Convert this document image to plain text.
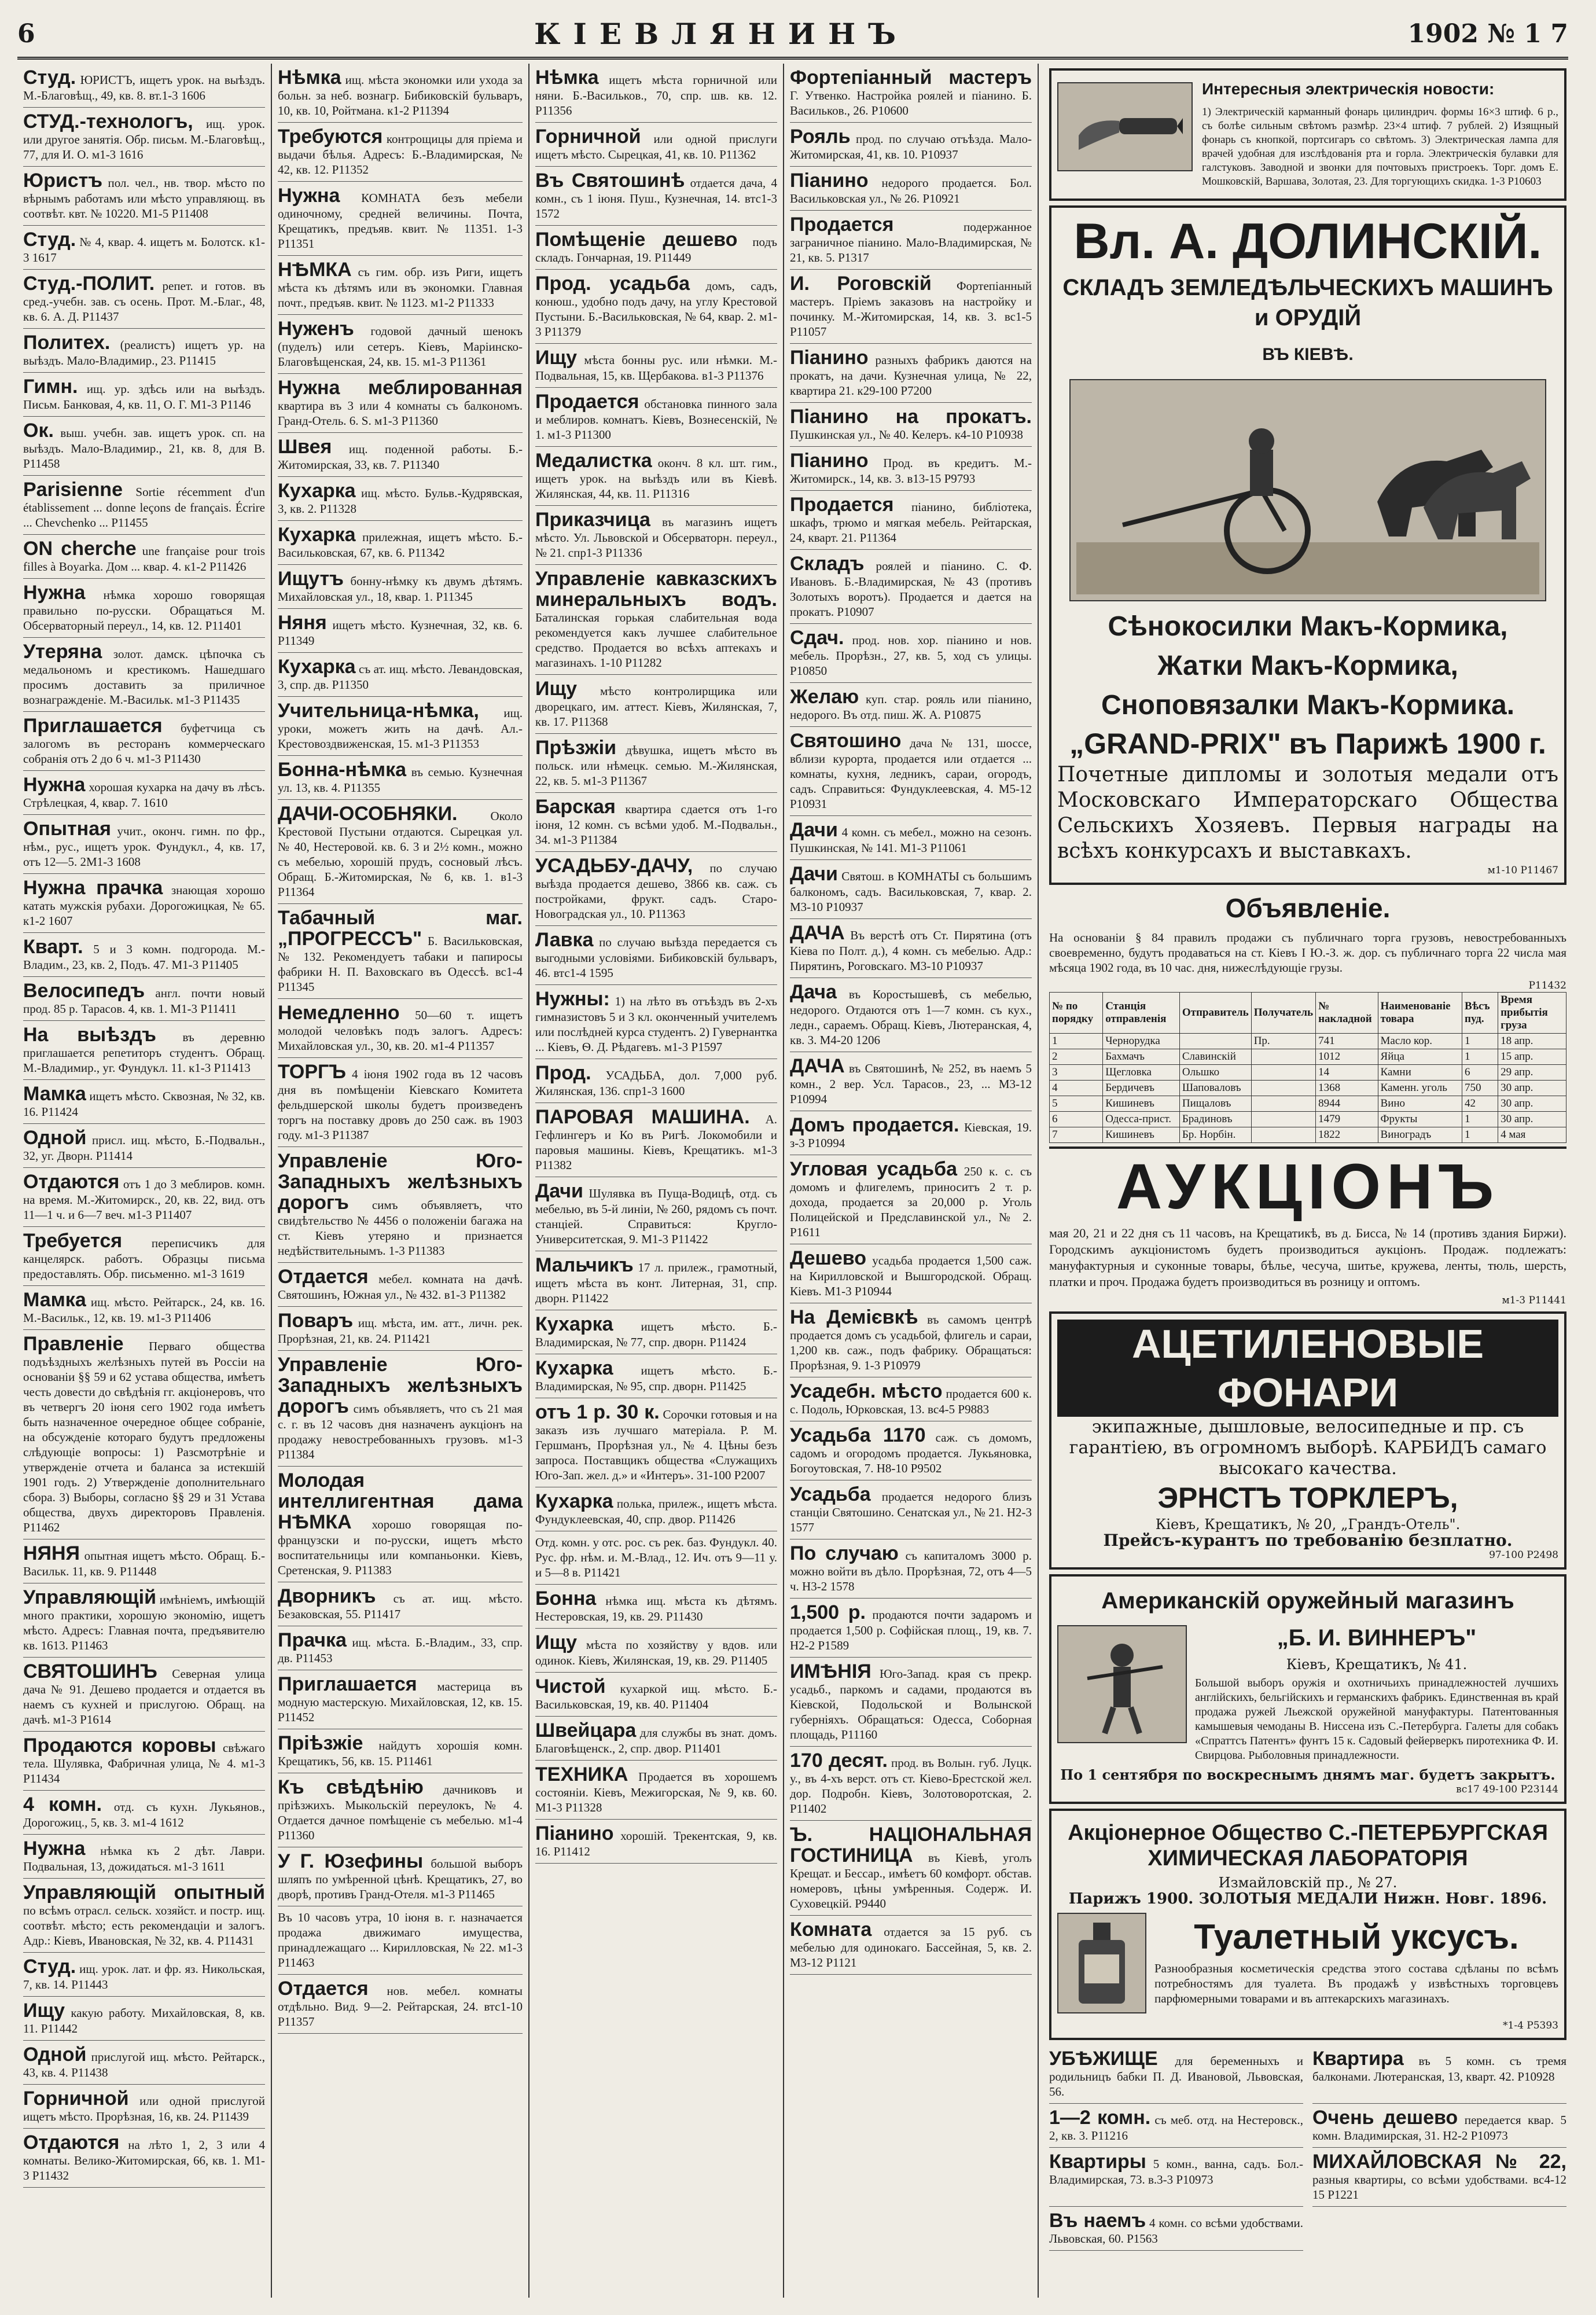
6	КІЕВЛЯНИНЪ	1902 № 1 7
Студ. ЮРИСТЪ, ищетъ урок. на выѣздъ. М.-Благовѣщ., 49, кв. 8. вт.1-3 1606
СТУД.-технологъ, ищ. урок. или другое занятія. Обр. письм. М.-Благовѣщ., 77, для И. О. м1-3 1616
Юристъ пол. чел., нв. твор. мѣсто по вѣрнымъ работамъ или мѣсто управляющ. въ соотвѣт. квт. № 10220. М1-5 Р11408
Студ. № 4, квар. 4. ищетъ м. Болотск. к1-3 1617
Студ.-ПОЛИТ. репет. и готов. въ сред.-учебн. зав. съ осень. Прот. М.-Благ., 48, кв. 6. А. Д. Р11437
Политех. (реалистъ) ищетъ ур. на выѣздъ. Мало-Владимир., 23. Р11415
Гимн. ищ. ур. здѣсь или на выѣздъ. Письм. Банковая, 4, кв. 11, О. Г. М1-3 Р1146
Ок. выш. учебн. зав. ищетъ урок. сп. на выѣздъ. Мало-Владимир., 21, кв. 8, для В. Р11458
Parisienne Sortie récemment d'un établissement ... donne leçons de français. Écrire ... Chevchenko ... Р11455
ON cherche une française pour trois filles à Boyarka. Дом ... квар. 4. к1-2 Р11426
Нужна нѣмка хорошо говорящая правильно по-русски. Обращаться М. Обсерваторный переул., 14, кв. 12. Р11401
Утеряна золот. дамск. цѣпочка съ медальономъ и крестикомъ. Нашедшаго просимъ доставить за приличное вознагражденіе. М.-Васильк. м1-3 Р11435
Приглашается буфетчица съ залогомъ въ ресторанъ коммерческаго собранія отъ 2 до 6 ч. м1-3 Р11430
Нужна хорошая кухарка на дачу въ лѣсъ. Стрѣлецкая, 4, квар. 7. 1610
Опытная учит., оконч. гимн. по фр., нѣм., рус., ищетъ урок. Фундукл., 4, кв. 17, отъ 12—5. 2М1-3 1608
Нужна прачка знающая хорошо катать мужскія рубахи. Дорогожицкая, № 65. к1-2 1607
Кварт. 5 и 3 комн. подгорода. М.-Владим., 23, кв. 2, Подъ. 47. М1-3 Р11405
Велосипедъ англ. почти новый прод. 85 р. Тарасов. 4, кв. 1. М1-3 Р11411
На выѣздъ въ деревню приглашается репетиторъ студентъ. Обращ. М.-Владимир., уг. Фундукл. 11. к1-3 Р11413
Мамка ищетъ мѣсто. Сквозная, № 32, кв. 16. Р11424
Одной присл. ищ. мѣсто, Б.-Подвальн., 32, уг. Дворн. Р11414
Отдаются отъ 1 до 3 меблиров. комн. на время. М.-Житомирск., 20, кв. 22, вид. отъ 11—1 ч. и 6—7 веч. м1-3 Р11407
Требуется переписчикъ для канцелярск. работъ. Образцы письма предоставлять. Обр. письменно. м1-3 1619
Мамка ищ. мѣсто. Рейтарск., 24, кв. 16. М.-Васильк., 12, кв. 19. м1-3 Р11406
Правленіе Перваго общества подъѣздныхъ желѣзныхъ путей въ Россіи на основаніи §§ 59 и 62 устава общества, имѣетъ честь довести до свѣдѣнія гг. акціонеровъ, что въ четвергъ 20 іюня сего 1902 года имѣетъ быть назначенное очередное общее собраніе, на обсужденіе котораго будутъ предложены слѣдующіе вопросы: 1) Разсмотрѣніе и утвержденіе отчета и баланса за истекшій 1901 годъ. 2) Утвержденіе дополнительнаго сбора. 3) Выборы, согласно §§ 29 и 31 Устава общества, двухъ директоровъ Правленія. Р11462
НЯНЯ опытная ищетъ мѣсто. Обращ. Б.-Васильк. 11, кв. 9. Р11448
Управляющій имѣніемъ, имѣющій много практики, хорошую экономію, ищетъ мѣсто. Адресъ: Главная почта, предъявителю кв. 1613. Р11463
СВЯТОШИНЪ Северная улица дача № 91. Дешево продается и отдается въ наемъ съ кухней и прислугою. Обращ. на дачѣ. м1-3 Р1614
Продаются коровы свѣжаго тела. Шулявка, Фабричная улица, № 4. м1-3 Р11434
4 комн. отд. съ кухн. Лукьянов., Дорогожиц., 5, кв. 3. м1-4 1612
Нужна нѣмка къ 2 дѣт. Лаври. Подвальная, 13, дожидаться. м1-3 1611
Управляющій опытный по всѣмъ отрасл. сельск. хозяйст. и постр. ищ. соотвѣт. мѣсто; есть рекомендаціи и залогъ. Адр.: Кіевъ, Ивановская, № 32, кв. 4. Р11431
Студ. ищ. урок. лат. и фр. яз. Никольская, 7, кв. 14. Р11443
Ищу какую работу. Михайловская, 8, кв. 11. Р11442
Одной прислугой ищ. мѣсто. Рейтарск., 43, кв. 4. Р11438
Горничной или одной прислугой ищетъ мѣсто. Прорѣзная, 16, кв. 24. Р11439
Отдаются на лѣто 1, 2, 3 или 4 комнаты. Велико-Житомирская, 66, кв. 1. М1-3 Р11432
Нѣмка ищ. мѣста экономки или ухода за больн. за неб. вознагр. Бибиковскій бульваръ, 10, кв. 10, Ройтмана. к1-2 Р11394
Требуются контрощицы для пріема и выдачи бѣлья. Адресъ: Б.-Владимирская, № 42, кв. 12. Р11352
Нужна КОМНАТА безъ мебели одиночному, средней величины. Почта, Крещатикъ, предъяв. квит. № 11351. 1-3 Р11351
НѢМКА съ гим. обр. изъ Риги, ищетъ мѣста къ дѣтямъ или въ экономки. Главная почт., предъяв. квит. № 1123. м1-2 Р11333
Нуженъ годовой дачный шенокъ (пуделъ) или сетеръ. Кіевъ, Маріинско-Благовѣщенская, 24, кв. 15. м1-3 Р11361
Нужна меблированная квартира въ 3 или 4 комнаты съ балкономъ. Гранд-Отель. 6. S. м1-3 Р11360
Швея ищ. поденной работы. Б.-Житомирская, 33, кв. 7. Р11340
Кухарка ищ. мѣсто. Бульв.-Кудрявская, 3, кв. 2. Р11328
Кухарка прилежная, ищетъ мѣсто. Б.-Васильковская, 67, кв. 6. Р11342
Ищутъ бонну-нѣмку къ двумъ дѣтямъ. Михайловская ул., 18, квар. 1. Р11345
Няня ищетъ мѣсто. Кузнечная, 32, кв. 6. Р11349
Кухарка съ ат. ищ. мѣсто. Левандовская, 3, спр. дв. Р11350
Учительница-нѣмка, ищ. уроки, можетъ жить на дачѣ. Ал.-Крестовоздвиженская, 15. м1-3 Р11353
Бонна-нѣмка въ семью. Кузнечная ул. 13, кв. 4. Р11355
ДАЧИ-ОСОБНЯКИ.	Около Крестовой Пустыни отдаются. Сырецкая ул. № 40, Нестеровой. кв. 6. 3 и 2½ комн., можно съ мебелью, хорошій прудъ, сосновый лѣсъ. Обращ. Б.-Житомирская, № 6, кв. 1. в1-3 Р11364
Табачный маг. „ПРОГРЕССЪ" Б. Васильковская, № 132. Рекомендуетъ табаки и папиросы фабрики Н. П. Ваховскаго въ Одессѣ. вс1-4 Р11345
Немедленно 50—60 т. ищетъ молодой человѣкъ подъ залогъ. Адресъ: Михайловская ул., 30, кв. 20. м1-4 Р11357
ТОРГЪ 4 іюня 1902 года въ 12 часовъ дня въ помѣщеніи Кіевскаго Комитета фельдшерской школы будетъ произведенъ торгъ на поставку дровъ до 250 саж. въ 1903 году. м1-3 Р11387
Управленіе Юго-Западныхъ желѣзныхъ дорогъ симъ объявляетъ, что свидѣтельство № 4456 о положеніи багажа на ст. Кіевъ утеряно и признается недѣйствительнымъ. 1-3 Р11383
Отдается мебел. комната на дачѣ. Святошинъ, Южная ул., № 432. в1-3 Р11382
Поваръ ищ. мѣста, им. атт., личн. рек. Прорѣзная, 21, кв. 24. Р11421
Управленіе Юго-Западныхъ желѣзныхъ дорогъ симъ объявляетъ, что съ 21 мая с. г. въ 12 часовъ дня назначенъ аукціонъ на продажу невостребованныхъ грузовъ. м1-3 Р11384
Молодая интеллигентная дама НѢМКА хорошо говорящая по-французски и по-русски, ищетъ мѣсто воспитательницы или компаньонки. Кіевъ, Сретенская, 9. Р11383
Дворникъ съ ат. ищ. мѣсто. Безаковская, 55. Р11417
Прачка ищ. мѣста. Б.-Владим., 33, спр. дв. Р11453
Приглашается мастерица въ модную мастерскую. Михайловская, 12, кв. 15. Р11452
Пріѣзжіе найдутъ хорошія комн. Крещатикъ, 56, кв. 15. Р11461
Къ свѣдѣнію дачниковъ и пріѣзжихъ. Мыкольскій переулокъ, № 4. Отдается дачное помѣщеніе съ мебелью. м1-4 Р11360
У Г. Юзефины большой выборъ шляпъ по умѣренной цѣнѣ. Крещатикъ, 27, во дворѣ, противъ Гранд-Отеля. м1-3 Р11465
Въ 10 часовъ утра, 10 іюня в. г. назначается продажа движимаго имущества, принадлежащаго ... Кирилловская, № 22. м1-3 Р11463
Отдается нов. мебел. комнаты отдѣльно. Вид. 9—2. Рейтарская, 24. втс1-10 Р11357
Нѣмка ищетъ мѣста горничной или няни. Б.-Васильков., 70, спр. шв. кв. 12. Р11356
Горничной или одной прислуги ищетъ мѣсто. Сырецкая, 41, кв. 10. Р11362
Въ Святошинѣ отдается дача, 4 комн., съ 1 іюня. Пуш., Кузнечная, 14. втс1-3 1572
Помѣщеніе дешево подъ складъ. Гончарная, 19. Р11449
Прод. усадьба домъ, садъ, конюш., удобно подъ дачу, на углу Крестовой Пустыни. Б.-Васильковская, № 64, квар. 2. м1-3 Р11379
Ищу мѣста бонны рус. или нѣмки. М.-Подвальная, 15, кв. Щербакова. в1-3 Р11376
Продается обстановка пинного зала и меблиров. комнатъ. Кіевъ, Вознесенскій, № 1. м1-3 Р11300
Медалистка оконч. 8 кл. шт. гим., ищетъ урок. на выѣздъ или въ Кіевѣ. Жилянская, 44, кв. 11. Р11316
Приказчица въ магазинъ ищетъ мѣсто. Ул. Львовской и Обсерваторн. переул., № 21. спр1-3 Р11336
Управленіе кавказскихъ минеральныхъ водъ. Баталинская горькая слабительная вода рекомендуется какъ лучшее слабительное средство. Продается во всѣхъ аптекахъ и магазинахъ. 1-10 Р11282
Ищу мѣсто контролирщика или дворецкаго, им. аттест. Кіевъ, Жилянская, 7, кв. 17. Р11368
Прѣзжіи дѣвушка, ищетъ мѣсто въ польск. или нѣмецк. семью. М.-Жилянская, 22, кв. 5. м1-3 Р11367
Барская квартира сдается отъ 1-го іюня, 12 комн. съ всѣми удоб. М.-Подвальн., 34. м1-3 Р11384
УСАДЬБУ-ДАЧУ, по случаю выѣзда продается дешево, 3866 кв. саж. съ постройками, фрукт. садъ. Старо-Новоградская ул., 10. Р11363
Лавка по случаю выѣзда передается съ выгодными условіями. Бибиковскій бульваръ, 46. втс1-4 1595
Нужны: 1) на лѣто въ отъѣздъ въ 2-хъ гимназистовъ 5 и 3 кл. оконченный учителемъ или послѣдней курса студентъ. 2) Гувернантка ... Кіевъ, Ѳ. Д. Рѣдагевъ. м1-3 Р1597
Прод. УСАДЬБА, дол. 7,000 руб. Жилянская, 136. спр1-3 1600
ПАРОВАЯ МАШИНА. А. Гефлингеръ и Ко въ Ригѣ. Локомобили и паровыя машины. Кіевъ, Крещатикъ. м1-3 Р11382
Дачи Шулявка въ Пуща-Водицѣ, отд. съ мебелью, въ 5-й линіи, № 260, рядомъ съ почт. станціей. Справиться: Кругло-Университетская, 9. М1-3 Р11422
Мальчикъ 17 л. прилеж., грамотный, ищетъ мѣста въ конт. Литерная, 31, спр. дворн. Р11422
Кухарка ищетъ мѣсто. Б.-Владимирская, № 77, спр. дворн. Р11424
Кухарка ищетъ мѣсто. Б.-Владимирская, № 95, спр. дворн. Р11425
отъ 1 р. 30 к. Сорочки готовыя и на заказъ изъ лучшаго матеріала. Р. М. Гершманъ, Прорѣзная ул., № 4. Цѣны безъ запроса. Поставщикъ общества «Служащихъ Юго-Зап. жел. д.» и «Интеръ». 31-100 Р2007
Кухарка полька, прилеж., ищетъ мѣста. Фундуклеевская, 40, спр. двор. Р11426
Отд. комн. у отс. рос. съ рек. баз. Фундукл. 40. Рус. фр. нѣм. и. М.-Влад., 12. Ич. отъ 9—11 у. и 5—8 в. Р11421
Бонна нѣмка ищ. мѣста къ дѣтямъ. Нестеровская, 19, кв. 29. Р11430
Ищу мѣста по хозяйству у вдов. или одинок. Кіевъ, Жилянская, 19, кв. 29. Р11405
Чистой кухаркой ищ. мѣсто. Б.-Васильковская, 19, кв. 40. Р11404
Швейцара для службы въ знат. домъ. Благовѣщенск., 2, спр. двор. Р11401
ТЕХНИКА Продается въ хорошемъ состояніи. Кіевъ, Межигорская, № 9, кв. 60. М1-3 Р11328
Пiанино хорошій. Трекентская, 9, кв. 16. Р11412
Фортепіанный мастеръ Г. Утвенко. Настройка роялей и пiанино. Б. Васильков., 26. Р10600
Рояль прод. по случаю отъѣзда. Мало-Житомирская, 41, кв. 10. Р10937
Пiанино недорого продается. Бол. Васильковская ул., № 26. Р10921
Продается	подержанное заграничное пiанино. Мало-Владимирская, № 21, кв. 5. Р1317
И. Роговскій Фортепіанный мастеръ. Пріемъ заказовъ на настройку и починку. М.-Житомирская, 14, кв. 3. вс1-5 Р11057
Пiанино разныхъ фабрикъ даются на прокатъ, на дачи. Кузнечная улица, № 22, квартира 21. к29-100 Р7200
Пiанино на прокатъ. Пушкинская ул., № 40. Келеръ. к4-10 Р10938
Пiанино Прод. въ кредитъ. М.-Житомирск., 14, кв. 3. в13-15 Р9793
Продается пiанино, библіотека, шкафъ, трюмо и мягкая мебель. Рейтарская, 24, кварт. 21. Р11364
Складъ роялей и пiанино. С. Ф. Ивановъ. Б.-Владимирская, № 43 (противъ Золотыхъ воротъ). Продается и дается на прокатъ. Р10907
Сдач. прод. нов. хор. пiанино и нов. мебель. Прорѣзн., 27, кв. 5, ход съ улицы. Р10850
Желаю куп. стар. рояль или пiанино, недорого. Въ отд. пиш. Ж. А. Р10875
Святошино дача № 131, шоссе, вблизи курорта, продается или отдается ... комнаты, кухня, ледникъ, сараи, огородъ, садъ. Справиться: Фундуклеевская, 4. М5-12 Р10931
Дачи 4 комн. съ мебел., можно на сезонъ. Пушкинская, № 141. М1-3 Р11061
Дачи Святош. в КОМНАТЫ съ большимъ балкономъ, садъ. Васильковская, 7, квар. 2. М3-10 Р10937
ДАЧА Въ верстѣ отъ Ст. Пирятина (отъ Кіева по Полт. д.), 4 комн. съ мебелью. Адр.: Пирятинъ, Роговскаго. М3-10 Р10937
Дача въ Коростышевѣ, съ мебелью, недорого. Отдаются отъ 1—7 комн. съ кух., ледн., сараемъ. Обращ. Кіевъ, Лютеранская, 4, кв. 3. М4-20 1206
ДАЧА въ Святошинѣ, № 252, въ наемъ 5 комн., 2 вер. Усл. Тарасов., 23, ... М3-12 Р10994
Домъ продается. Кіевская, 19. з-3 Р10994
Угловая усадьба 250 к. с. съ домомъ и флигелемъ, приноситъ 2 т. р. дохода, продается за 20,000 р. Уголь Полицейской и Предславинской ул., № 2. Р1611
Дешево усадьба продается 1,500 саж. на Кирилловской и Вышгородской. Обращ. Кіевъ. М1-3 Р10944
На Демієвкѣ въ самомъ центрѣ продается домъ съ усадьбой, флигель и сараи, 1,200 кв. саж., подъ фабрику. Обращаться: Прорѣзная, 9. 1-3 Р10979
Усадебн. мѣсто продается 600 к. с. Подоль, Юрковская, 13. вс4-5 Р9883
Усадьба 1170 саж. съ домомъ, садомъ и огородомъ продается. Лукьяновка, Богоутовская, 7. Н8-10 Р9502
Усадьба продается недорого близъ станціи Святошино. Сенатская ул., № 21. Н2-3 1577
По случаю съ капиталомъ 3000 р. можно войти въ дѣло. Прорѣзная, 72, отъ 4—5 ч. Н3-2 1578
1,500 р. продаются почти задаромъ и продается 1,500 р. Софійская площ., 19, кв. 7. Н2-2 Р1589
ИМѢНІЯ Юго-Запад. края съ прекр. усадьб., паркомъ и садами, продаются въ Кіевской, Подольской и Волынской губерніяхъ. Обращаться: Одесса, Соборная площадь, Р11160
170 десят. прод. въ Волын. губ. Луцк. у., въ 4-хъ верст. отъ ст. Кіево-Брестской жел. дор. Подробн. Кіевъ, Золотоворотская, 2. Р11402
Ъ. НАЦІОНАЛЬНАЯ ГОСТИНИЦА въ Кіевѣ, уголъ Крещат. и Бессар., имѣетъ 60 комфорт. обстав. номеровъ, цѣны умѣренныя. Содерж. И. Суховецкій. Р9440
Комната отдается за 15 руб. съ мебелью для одинокаго. Бассейная, 5, кв. 2. М3-12 Р1121
Интересныя электрическія новости:
1) Электрическій карманный фонарь цилиндрич. формы 16×3 штиф. 6 р., съ болѣе сильным свѣтомъ размѣр. 23×4 штиф. 7 рублей. 2) Изящный фонарь съ кнопкой, портсигаръ со свѣтомъ. 3) Электрическая лампа для врачей удобная для изслѣдованія рта и горла. Электрическія булавки для галстуковъ. Заводной и звонки для почтовыхъ пристроекъ. Торг. домъ Е. Мошковскій, Варшава, Золотая, 23. Для торгующихъ скидка. 1-3 Р10603
Вл. А. ДОЛИНСКІЙ.
СКЛАДЪ ЗЕМЛЕДѢЛЬЧЕСКИХЪ МАШИНЪ и ОРУДІЙ
ВЪ КІЕВѢ.
Сѣнокосилки Макъ-Кормика,
Жатки Макъ-Кормика,
Сноповязалки Макъ-Кормика.
„GRAND-PRIX" въ Парижѣ 1900 г.
Почетные дипломы и золотыя медали отъ Московскаго Императорскаго Общества Сельскихъ Хозяевъ. Первыя награды на всѣхъ конкурсахъ и выставкахъ.
м1-10 Р11467
Объявленіе.
На основаніи § 84 правилъ продажи съ публичнаго торга грузовъ, невостребованныхъ своевременно, будутъ продаваться на ст. Кіевъ I Ю.-З. ж. дор. съ публичнаго торга 22 числа мая мѣсяца 1902 года, въ 10 час. дня, нижеслѣдующіе грузы.
Р11432
№ по порядку	Станція отправленія	Отправитель	Получатель	№ накладной	Наименованіе товара	Вѣсъ пуд.	Время прибытія груза
1	Чернорудка		Пр.	741	Масло кор.	1	18 апр.
2	Бахмачъ	Славинскій		1012	Яйца	1	15 апр.
3	Щегловка	Ольшко		14	Камни	6	29 апр.
4	Бердичевъ	Шаповаловъ		1368	Каменн. уголь	750	30 апр.
5	Кишиневъ	Пищаловъ		8944	Вино	42	30 апр.
6	Одесса-прист.	Брадиновъ		1479	Фрукты	1	30 апр.
7	Кишиневъ	Бр. Норбін.		1822	Виноградъ	1	4 мая
АУКЦІОНЪ
мая 20, 21 и 22 дня съ 11 часовъ, на Крещатикѣ, въ д. Бисса, № 14 (противъ здания Биржи). Городскимъ аукціонистомъ будетъ производиться аукціонъ. Продаж. подлежатъ: мануфактурныя и суконные товары, бѣлье, чесуча, шитье, кружева, ленты, тюль, шерсть, платки и проч. Продажа будетъ производиться въ розницу и оптомъ.
м1-3 Р11441
АЦЕТИЛЕНОВЫЕ ФОНАРИ
экипажные, дышловые, велосипедные и пр. съ гарантіею, въ огромномъ выборѣ. КАРБИДЪ самаго высокаго качества.
ЭРНСТЪ ТОРКЛЕРЪ,
Кіевъ, Крещатикъ, № 20, „Грандъ-Отель".
Прейсъ-курантъ по требованію безплатно.
97-100 Р2498
Американскій оружейный магазинъ
„Б. И. ВИННЕРЪ"
Кіевъ, Крещатикъ, № 41.
Большой выборъ оружія и охотничьихъ принадлежностей лучшихъ англійскихъ, бельгійскихъ и германскихъ фабрикъ. Единственная въ край продажа ружей Льежской оружейной мануфактуры. Патентованныя камышевыя чемоданы В. Ниссена изъ С.-Петербурга. Галеты для собакъ «Спраттсъ Патентъ» фунтъ 15 к. Садовый фейерверкъ пиротехника Ф. И. Свирцова. Рыболовныя принадлежности.
По 1 сентября по воскреснымъ днямъ маг. будетъ закрытъ.
вс17 49-100 Р23144
Акціонерное Общество С.-ПЕТЕРБУРГСКАЯ ХИМИЧЕСКАЯ ЛАБОРАТОРІЯ
Измайловскій пр., № 27.
Парижъ 1900. ЗОЛОТЫЯ МЕДАЛИ Нижн. Новг. 1896.
Туалетный уксусъ.
Разнообразныя косметическія средства этого состава сдѣланы по всѣмъ потребностямъ для туалета. Въ продажѣ у извѣстныхъ торговцевъ парфюмерными товарами и въ аптекарскихъ магазинахъ.
*1-4 Р5393
УБѢЖИЩЕ для беременныхъ и родильницъ бабки П. Д. Ивановой, Львовская, 56.
Квартира въ 5 комн. съ тремя балконами. Лютеранская, 13, кварт. 42. Р10928
1—2 комн. съ меб. отд. на Нестеровск., 2, кв. 3. Р11216
Очень дешево передается квар. 5 комн. Владимирская, 31. Н2-2 Р10973
Квартиры 5 комн., ванна, садъ. Бол.-Владимирская, 73. в.3-3 Р10973
МИХАЙЛОВСКАЯ № 22, разныя квартиры, со всѣми удобствами. вс4-12 15 Р1221
Въ наемъ 4 комн. со всѣми удобствами. Львовская, 60. Р1563
